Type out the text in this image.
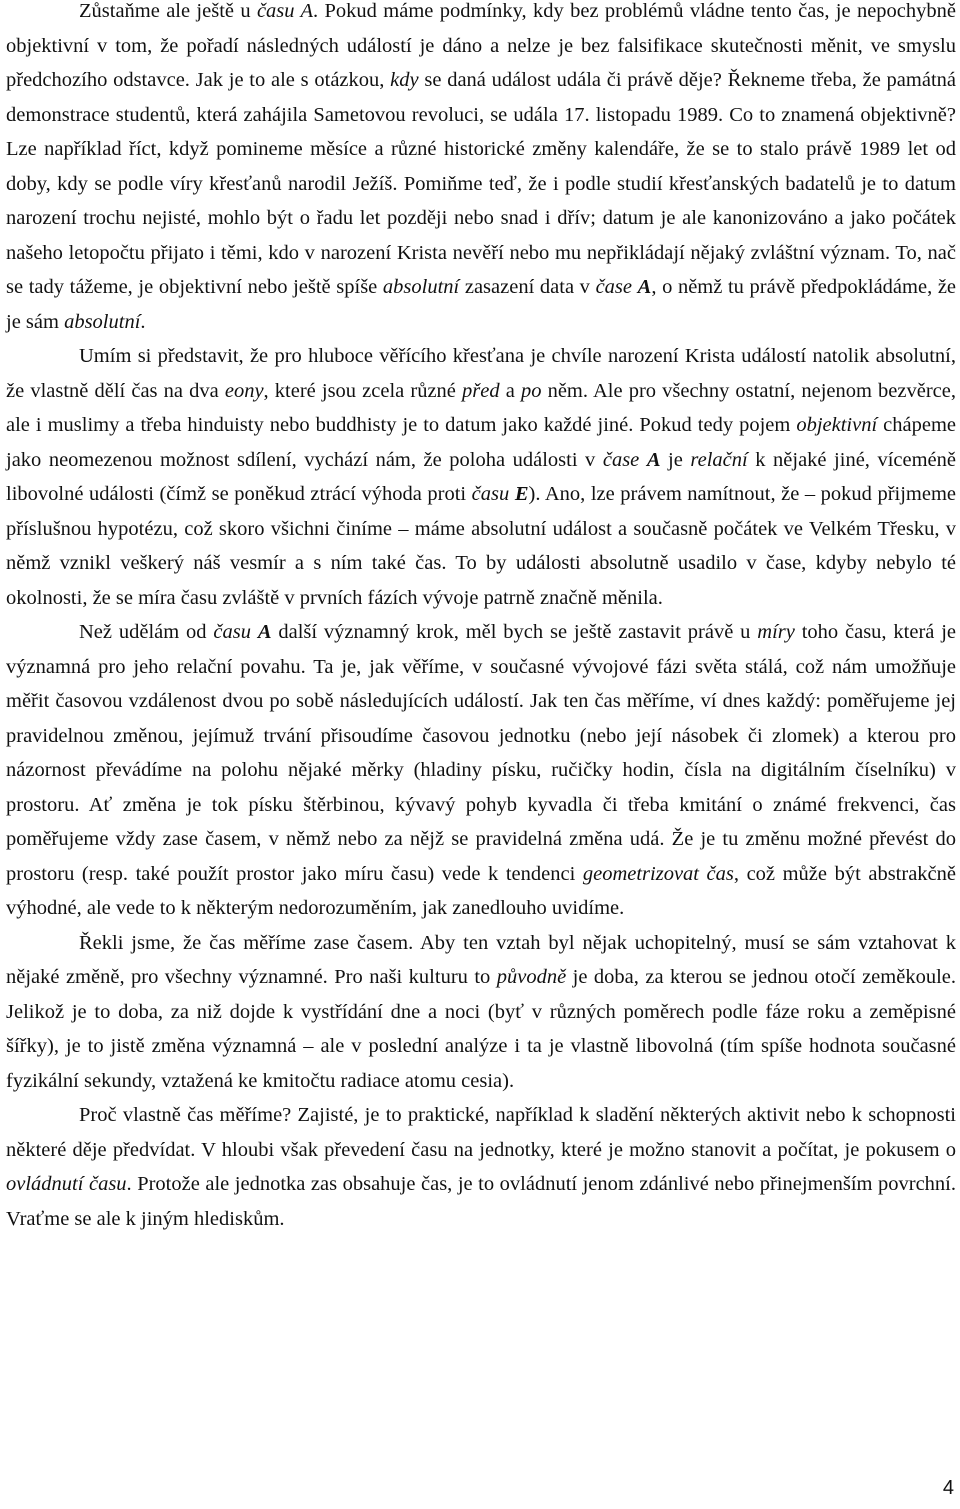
Zůstaňme ale ještě u času A. Pokud máme podmínky, kdy bez problémů vládne tento čas, je nepochybně objektivní v tom, že pořadí následných událostí je dáno a nelze je bez falsifikace skutečnosti měnit, ve smyslu předchozího odstavce. Jak je to ale s otázkou, kdy se daná událost udála či právě děje? Řekneme třeba, že památná demonstrace studentů, která zahájila Sametovou revoluci, se udála 17. listopadu 1989. Co to znamená objektivně? Lze například říct, když pomineme měsíce a různé historické změny kalendáře, že se to stalo právě 1989 let od doby, kdy se podle víry křesťanů narodil Ježíš. Pomiňme teď, že i podle studií křesťanských badatelů je to datum narození trochu nejisté, mohlo být o řadu let později nebo snad i dřív; datum je ale kanonizováno a jako počátek našeho letopočtu přijato i těmi, kdo v narození Krista nevěří nebo mu nepřikládají nějaký zvláštní význam. To, nač se tady tážeme, je objektivní nebo ještě spíše absolutní zasazení data v čase A, o němž tu právě předpokládáme, že je sám absolutní.

Umím si představit, že pro hluboce věřícího křesťana je chvíle narození Krista událostí natolik absolutní, že vlastně dělí čas na dva eony, které jsou zcela různé před a po něm. Ale pro všechny ostatní, nejenom bezvěrce, ale i muslimy a třeba hinduisty nebo buddhisty je to datum jako každé jiné. Pokud tedy pojem objektivní chápeme jako neomezenou možnost sdílení, vychází nám, že poloha události v čase A je relační k nějaké jiné, víceméně libovolné události (čímž se poněkud ztrácí výhoda proti času E). Ano, lze právem namítnout, že – pokud přijmeme příslušnou hypotézu, což skoro všichni činíme – máme absolutní událost a současně počátek ve Velkém Třesku, v němž vznikl veškerý náš vesmír a s ním také čas. To by události absolutně usadilo v čase, kdyby nebylo té okolnosti, že se míra času zvláště v prvních fázích vývoje patrně značně měnila.

Než udělám od času A další významný krok, měl bych se ještě zastavit právě u míry toho času, která je významná pro jeho relační povahu. Ta je, jak věříme, v současné vývojové fázi světa stálá, což nám umožňuje měřit časovou vzdálenost dvou po sobě následujících událostí. Jak ten čas měříme, ví dnes každý: poměřujeme jej pravidelnou změnou, jejímuž trvání přisoudíme časovou jednotku (nebo její násobek či zlomek) a kterou pro názornost převádíme na polohu nějaké měrky (hladiny písku, ručičky hodin, čísla na digitálním číselníku) v prostoru. Ať změna je tok písku štěrbinou, kývavý pohyb kyvadla či třeba kmitání o známé frekvenci, čas poměřujeme vždy zase časem, v němž nebo za nějž se pravidelná změna udá. Že je tu změnu možné převést do prostoru (resp. také použít prostor jako míru času) vede k tendenci geometrizovat čas, což může být abstrakčně výhodné, ale vede to k některým nedorozuměním, jak zanedlouho uvidíme.

Řekli jsme, že čas měříme zase časem. Aby ten vztah byl nějak uchopitelný, musí se sám vztahovat k nějaké změně, pro všechny významné. Pro naši kulturu to původně je doba, za kterou se jednou otočí zeměkoule. Jelikož je to doba, za niž dojde k vystřídání dne a noci (byť v různých poměrech podle fáze roku a zeměpisné šířky), je to jistě změna významná – ale v poslední analýze i ta je vlastně libovolná (tím spíše hodnota současné fyzikální sekundy, vztažená ke kmitočtu radiace atomu cesia).

Proč vlastně čas měříme? Zajisté, je to praktické, například k sladění některých aktivit nebo k schopnosti některé děje předvídat. V hloubi však převedení času na jednotky, které je možno stanovit a počítat, je pokusem o ovládnutí času. Protože ale jednotka zas obsahuje čas, je to ovládnutí jenom zdánlivé nebo přinejmenším povrchní. Vraťme se ale k jiným hlediskům.

4
